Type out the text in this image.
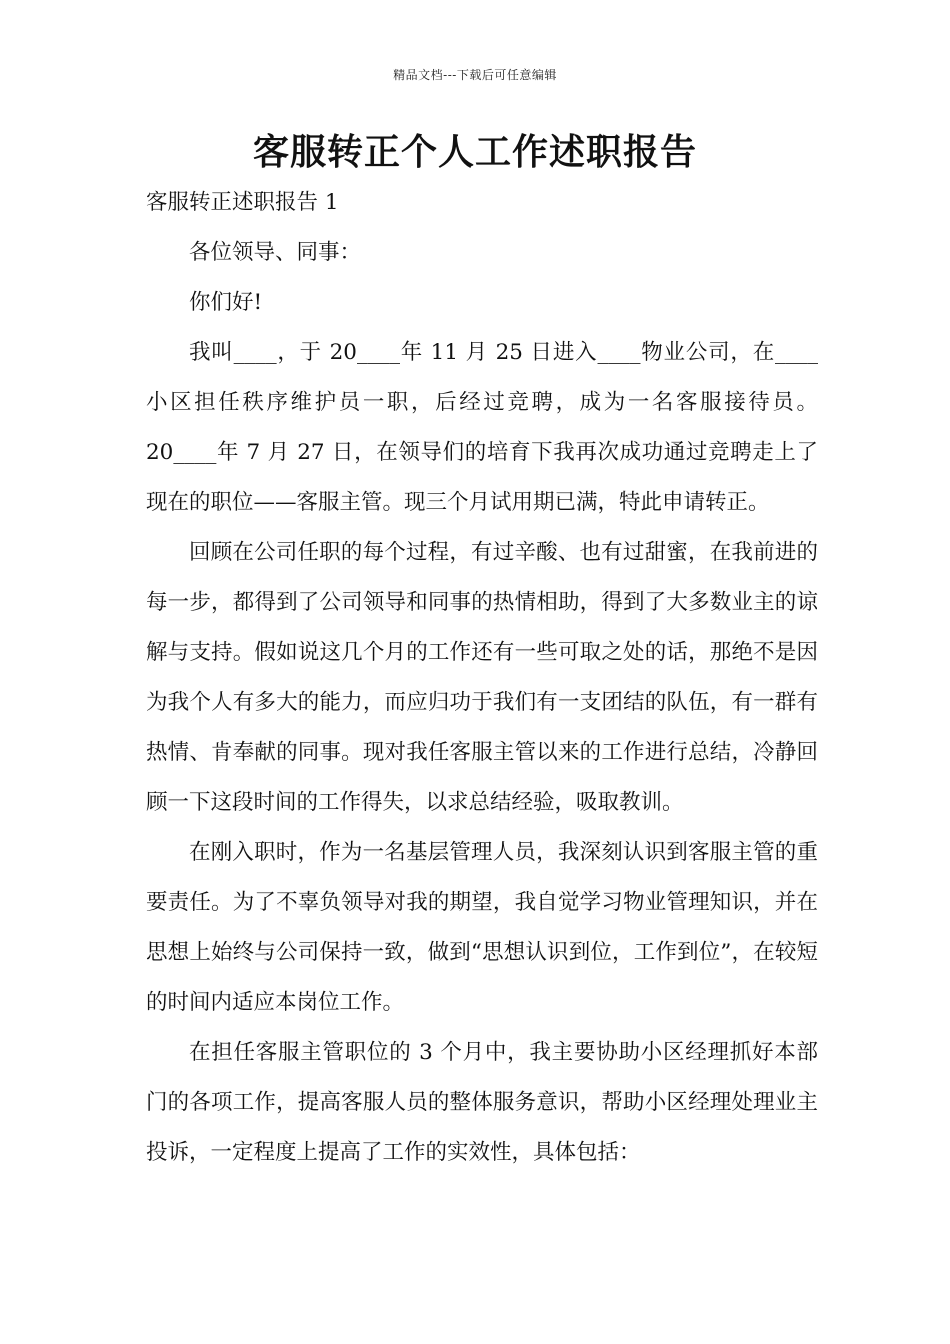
精品文档---下载后可任意编辑
客服转正个人工作述职报告

客服转正述职报告 1

各位领导、同事：

你们好!

我叫____，于 20____年 11 月 25 日进入____物业公司，在____小区担任秩序维护员一职，后经过竞聘，成为一名客服接待员。20____年 7 月 27 日，在领导们的培育下我再次成功通过竞聘走上了现在的职位——客服主管。现三个月试用期已满，特此申请转正。

回顾在公司任职的每个过程，有过辛酸、也有过甜蜜，在我前进的每一步，都得到了公司领导和同事的热情相助，得到了大多数业主的谅解与支持。假如说这几个月的工作还有一些可取之处的话，那绝不是因为我个人有多大的能力，而应归功于我们有一支团结的队伍，有一群有热情、肯奉献的同事。现对我任客服主管以来的工作进行总结，冷静回顾一下这段时间的工作得失，以求总结经验，吸取教训。

在刚入职时，作为一名基层管理人员，我深刻认识到客服主管的重要责任。为了不辜负领导对我的期望，我自觉学习物业管理知识，并在思想上始终与公司保持一致，做到“思想认识到位，工作到位”，在较短的时间内适应本岗位工作。

在担任客服主管职位的 3 个月中，我主要协助小区经理抓好本部门的各项工作，提高客服人员的整体服务意识，帮助小区经理处理业主投诉，一定程度上提高了工作的实效性，具体包括：
